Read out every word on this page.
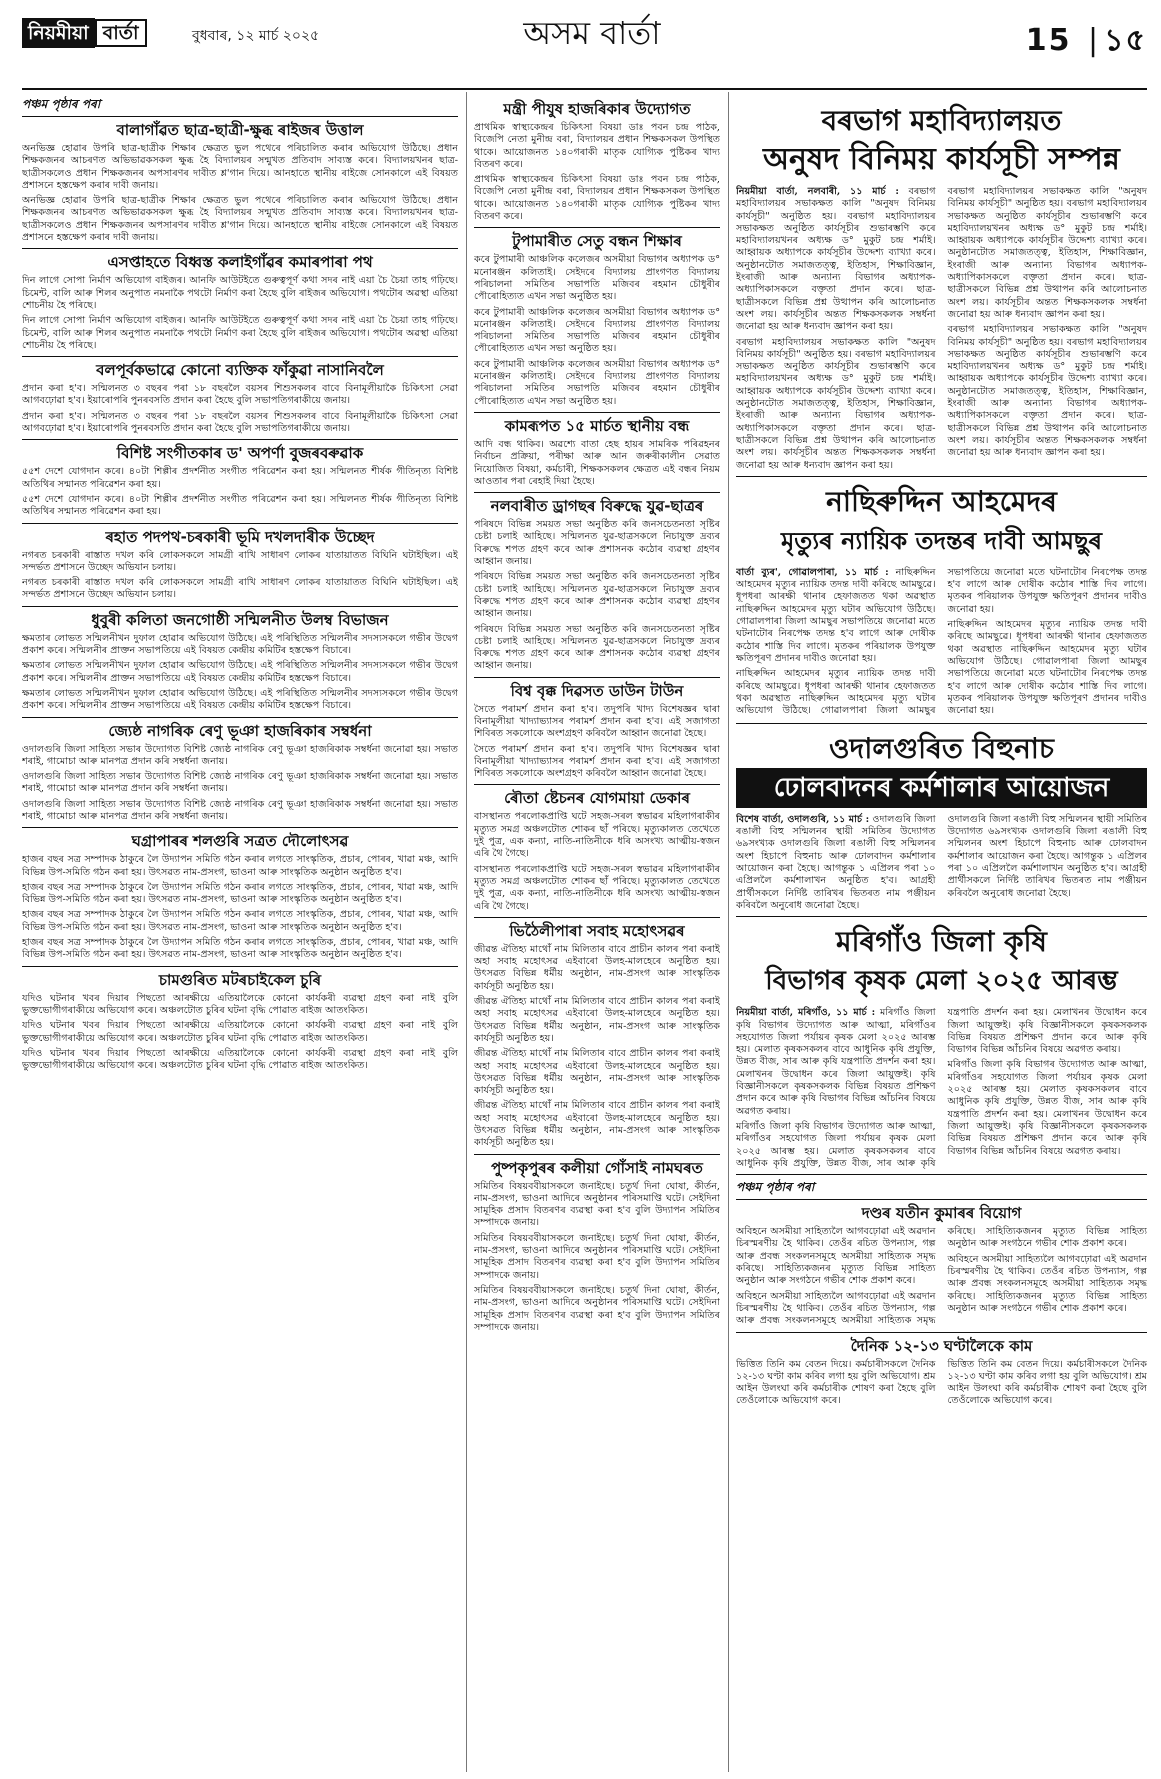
নিয়মীয়া বাৰ্তা	বুধবাৰ, ১২ মাৰ্চ ২০২৫	অসম বাৰ্তা	15 | ১৫
পঞ্চম পৃষ্ঠাৰ পৰা
বালাগাঁৱত ছাত্ৰ-ছাত্ৰী-ক্ষুব্ধ ৰাইজৰ উত্তাল

অনভিজ্ঞ হোৱাৰ উপৰি ছাত্ৰ-ছাত্ৰীক শিক্ষাৰ ক্ষেত্ৰত ভুল পথেৰে পৰিচালিত কৰাৰ অভিযোগ উঠিছে। প্ৰধান শিক্ষকজনৰ আচৰণত অভিভাৱকসকল ক্ষুব্ধ হৈ বিদ্যালয়ৰ সন্মুখত প্ৰতিবাদ সাব্যস্ত কৰে। বিদ্যালয়খনৰ ছাত্ৰ-ছাত্ৰীসকলেও প্ৰধান শিক্ষকজনৰ অপসাৰণৰ দাবীত শ্ল'গান দিয়ে। আনহাতে স্থানীয় ৰাইজে সোনকালে এই বিষয়ত প্ৰশাসনে হস্তক্ষেপ কৰাৰ দাবী জনায়।

অনভিজ্ঞ হোৱাৰ উপৰি ছাত্ৰ-ছাত্ৰীক শিক্ষাৰ ক্ষেত্ৰত ভুল পথেৰে পৰিচালিত কৰাৰ অভিযোগ উঠিছে। প্ৰধান শিক্ষকজনৰ আচৰণত অভিভাৱকসকল ক্ষুব্ধ হৈ বিদ্যালয়ৰ সন্মুখত প্ৰতিবাদ সাব্যস্ত কৰে। বিদ্যালয়খনৰ ছাত্ৰ-ছাত্ৰীসকলেও প্ৰধান শিক্ষকজনৰ অপসাৰণৰ দাবীত শ্ল'গান দিয়ে। আনহাতে স্থানীয় ৰাইজে সোনকালে এই বিষয়ত প্ৰশাসনে হস্তক্ষেপ কৰাৰ দাবী জনায়।

এসপ্তাহতে বিধ্বস্ত কলাইগাঁৱৰ কমাৰপাৰা পথ

দিন লাগে সোপা নিৰ্মাণ অভিযোগ বাইজৰ। আনফি আউটইতে গুৰুত্বপূৰ্ণ কথা সদৰ নাই এয়া চৈ চৈয়া তাহ গঢ়িছে। চিমেন্ট, বালি আৰু শিলৰ অনুপাত নমনাকৈ পথটো নিৰ্মাণ কৰা হৈছে বুলি ৰাইজৰ অভিযোগ। পথটোৰ অৱস্থা এতিয়া শোচনীয় হৈ পৰিছে।

দিন লাগে সোপা নিৰ্মাণ অভিযোগ বাইজৰ। আনফি আউটইতে গুৰুত্বপূৰ্ণ কথা সদৰ নাই এয়া চৈ চৈয়া তাহ গঢ়িছে। চিমেন্ট, বালি আৰু শিলৰ অনুপাত নমনাকৈ পথটো নিৰ্মাণ কৰা হৈছে বুলি ৰাইজৰ অভিযোগ। পথটোৰ অৱস্থা এতিয়া শোচনীয় হৈ পৰিছে।

বলপূৰ্বকভাৱে কোনো ব্যক্তিক ফাঁকুৱা নাসানিবলৈ

প্ৰদান কৰা হ'ব। সন্মিলনত ৩ বছৰৰ পৰা ১৮ বছৰলৈ বয়সৰ শিশুসকলৰ বাবে বিনামূলীয়াকৈ চিকিৎসা সেৱা আগবঢ়োৱা হ'ব। ইয়াৰোপৰি পুনৰবসতি প্ৰদান কৰা হৈছে বুলি সভাপতিগৰাকীয়ে জনায়।

প্ৰদান কৰা হ'ব। সন্মিলনত ৩ বছৰৰ পৰা ১৮ বছৰলৈ বয়সৰ শিশুসকলৰ বাবে বিনামূলীয়াকৈ চিকিৎসা সেৱা আগবঢ়োৱা হ'ব। ইয়াৰোপৰি পুনৰবসতি প্ৰদান কৰা হৈছে বুলি সভাপতিগৰাকীয়ে জনায়।

বিশিষ্ট সংগীতকাৰ ড' অপৰ্ণা বুজৰবৰুৱাক

৫৫শ দেশে যোগদান কৰে। ৪০টা শিল্পীৰ প্ৰদৰ্শনীত সংগীত পৰিৱেশন কৰা হয়। সন্মিলনত শীৰ্ষক গীতিনৃত্য বিশিষ্ট অতিথিৰ সন্মানত পৰিৱেশন কৰা হয়।

৫৫শ দেশে যোগদান কৰে। ৪০টা শিল্পীৰ প্ৰদৰ্শনীত সংগীত পৰিৱেশন কৰা হয়। সন্মিলনত শীৰ্ষক গীতিনৃত্য বিশিষ্ট অতিথিৰ সন্মানত পৰিৱেশন কৰা হয়।

ৰহাত পদপথ-চৰকাৰী ভূমি দখলদাৰীক উচ্ছেদ

নগৰত চৰকাৰী ৰাস্তাত দখল কৰি লোকসকলে সামগ্ৰী ৰাখি সাধাৰণ লোকৰ যাতায়াতত বিঘিনি ঘটাইছিল। এই সন্দৰ্ভত প্ৰশাসনে উচ্ছেদ অভিযান চলায়।

নগৰত চৰকাৰী ৰাস্তাত দখল কৰি লোকসকলে সামগ্ৰী ৰাখি সাধাৰণ লোকৰ যাতায়াতত বিঘিনি ঘটাইছিল। এই সন্দৰ্ভত প্ৰশাসনে উচ্ছেদ অভিযান চলায়।

ধুবুৰী কলিতা জনগোষ্ঠী সন্মিলনীত উলম্ব বিভাজন

ক্ষমতাৰ লোভত সন্মিলনীখন দুফাল হোৱাৰ অভিযোগ উঠিছে। এই পৰিস্থিতিত সন্মিলনীৰ সদস্যসকলে গভীৰ উদ্বেগ প্ৰকাশ কৰে। সন্মিলনীৰ প্ৰাক্তন সভাপতিয়ে এই বিষয়ত কেন্দ্ৰীয় কমিটিৰ হস্তক্ষেপ বিচাৰে।

ক্ষমতাৰ লোভত সন্মিলনীখন দুফাল হোৱাৰ অভিযোগ উঠিছে। এই পৰিস্থিতিত সন্মিলনীৰ সদস্যসকলে গভীৰ উদ্বেগ প্ৰকাশ কৰে। সন্মিলনীৰ প্ৰাক্তন সভাপতিয়ে এই বিষয়ত কেন্দ্ৰীয় কমিটিৰ হস্তক্ষেপ বিচাৰে।

ক্ষমতাৰ লোভত সন্মিলনীখন দুফাল হোৱাৰ অভিযোগ উঠিছে। এই পৰিস্থিতিত সন্মিলনীৰ সদস্যসকলে গভীৰ উদ্বেগ প্ৰকাশ কৰে। সন্মিলনীৰ প্ৰাক্তন সভাপতিয়ে এই বিষয়ত কেন্দ্ৰীয় কমিটিৰ হস্তক্ষেপ বিচাৰে।

জ্যেষ্ঠ নাগৰিক ৰেণু ভূঞা হাজৰিকাৰ সম্বৰ্ধনা

ওদালগুৰি জিলা সাহিত্য সভাৰ উদ্যোগত বিশিষ্ট জ্যেষ্ঠ নাগৰিক ৰেণু ভূঞা হাজৰিকাক সম্বৰ্ধনা জনোৱা হয়। সভাত শৰাই, গামোচা আৰু মানপত্ৰ প্ৰদান কৰি সম্বৰ্ধনা জনায়।

ওদালগুৰি জিলা সাহিত্য সভাৰ উদ্যোগত বিশিষ্ট জ্যেষ্ঠ নাগৰিক ৰেণু ভূঞা হাজৰিকাক সম্বৰ্ধনা জনোৱা হয়। সভাত শৰাই, গামোচা আৰু মানপত্ৰ প্ৰদান কৰি সম্বৰ্ধনা জনায়।

ওদালগুৰি জিলা সাহিত্য সভাৰ উদ্যোগত বিশিষ্ট জ্যেষ্ঠ নাগৰিক ৰেণু ভূঞা হাজৰিকাক সম্বৰ্ধনা জনোৱা হয়। সভাত শৰাই, গামোচা আৰু মানপত্ৰ প্ৰদান কৰি সম্বৰ্ধনা জনায়।

ঘগ্ৰাপাৰৰ শলগুৰি সত্ৰত দৌলোৎসৱ

হাজৰ বছৰ সত্ৰ সম্পাদক ঠাকুৰে লৈ উদ্যাপন সমিতি গঠন কৰাৰ লগতে সাংস্কৃতিক, প্ৰচাৰ, পোৰৰ, খাৱা মঞ্চ, আদি বিভিন্ন উপ-সমিতি গঠন কৰা হয়। উৎসৱত নাম-প্ৰসংগ, ভাওনা আৰু সাংস্কৃতিক অনুষ্ঠান অনুষ্ঠিত হ'ব।

হাজৰ বছৰ সত্ৰ সম্পাদক ঠাকুৰে লৈ উদ্যাপন সমিতি গঠন কৰাৰ লগতে সাংস্কৃতিক, প্ৰচাৰ, পোৰৰ, খাৱা মঞ্চ, আদি বিভিন্ন উপ-সমিতি গঠন কৰা হয়। উৎসৱত নাম-প্ৰসংগ, ভাওনা আৰু সাংস্কৃতিক অনুষ্ঠান অনুষ্ঠিত হ'ব।

হাজৰ বছৰ সত্ৰ সম্পাদক ঠাকুৰে লৈ উদ্যাপন সমিতি গঠন কৰাৰ লগতে সাংস্কৃতিক, প্ৰচাৰ, পোৰৰ, খাৱা মঞ্চ, আদি বিভিন্ন উপ-সমিতি গঠন কৰা হয়। উৎসৱত নাম-প্ৰসংগ, ভাওনা আৰু সাংস্কৃতিক অনুষ্ঠান অনুষ্ঠিত হ'ব।

হাজৰ বছৰ সত্ৰ সম্পাদক ঠাকুৰে লৈ উদ্যাপন সমিতি গঠন কৰাৰ লগতে সাংস্কৃতিক, প্ৰচাৰ, পোৰৰ, খাৱা মঞ্চ, আদি বিভিন্ন উপ-সমিতি গঠন কৰা হয়। উৎসৱত নাম-প্ৰসংগ, ভাওনা আৰু সাংস্কৃতিক অনুষ্ঠান অনুষ্ঠিত হ'ব।

চামগুৰিত মটৰচাইকেল চুৰি

যদিও ঘটনাৰ খবৰ দিয়াৰ পিছতো আৰক্ষীয়ে এতিয়ালৈকে কোনো কাৰ্যকৰী ব্যৱস্থা গ্ৰহণ কৰা নাই বুলি ভুক্তভোগীগৰাকীয়ে অভিযোগ কৰে। অঞ্চলটোত চুৰিৰ ঘটনা বৃদ্ধি পোৱাত ৰাইজ আতংকিত।

যদিও ঘটনাৰ খবৰ দিয়াৰ পিছতো আৰক্ষীয়ে এতিয়ালৈকে কোনো কাৰ্যকৰী ব্যৱস্থা গ্ৰহণ কৰা নাই বুলি ভুক্তভোগীগৰাকীয়ে অভিযোগ কৰে। অঞ্চলটোত চুৰিৰ ঘটনা বৃদ্ধি পোৱাত ৰাইজ আতংকিত।

যদিও ঘটনাৰ খবৰ দিয়াৰ পিছতো আৰক্ষীয়ে এতিয়ালৈকে কোনো কাৰ্যকৰী ব্যৱস্থা গ্ৰহণ কৰা নাই বুলি ভুক্তভোগীগৰাকীয়ে অভিযোগ কৰে। অঞ্চলটোত চুৰিৰ ঘটনা বৃদ্ধি পোৱাত ৰাইজ আতংকিত।

মন্ত্ৰী পীযুষ হাজৰিকাৰ উদ্যোগত

প্ৰাথমিক স্বাস্থ্যকেন্দ্ৰৰ চিকিৎসা বিষয়া ডাঃ পবন চন্দ্ৰ পাঠক, বিজেপি নেতা মুনীন্দ্ৰ বৰা, বিদ্যালয়ৰ প্ৰধান শিক্ষকসকল উপস্থিত থাকে। আয়োজনত ১৪০গৰাকী মাতৃক যোগ্যিক পুষ্টিকৰ খাদ্য বিতৰণ কৰে।

প্ৰাথমিক স্বাস্থ্যকেন্দ্ৰৰ চিকিৎসা বিষয়া ডাঃ পবন চন্দ্ৰ পাঠক, বিজেপি নেতা মুনীন্দ্ৰ বৰা, বিদ্যালয়ৰ প্ৰধান শিক্ষকসকল উপস্থিত থাকে। আয়োজনত ১৪০গৰাকী মাতৃক যোগ্যিক পুষ্টিকৰ খাদ্য বিতৰণ কৰে।

টুপামাৰীত সেতু বন্ধন শিক্ষাৰ

কৰে টুপামাৰী আঞ্চলিক কলেজৰ অসমীয়া বিভাগৰ অধ্যাপক ড° মনোৰঞ্জন কলিতাই। সেইদৰে বিদ্যালয় প্ৰাংগণত বিদ্যালয় পৰিচালনা সমিতিৰ সভাপতি মজিবৰ ৰহমান চৌধুৰীৰ পৌৰোহিত্যত এখন সভা অনুষ্ঠিত হয়।

কৰে টুপামাৰী আঞ্চলিক কলেজৰ অসমীয়া বিভাগৰ অধ্যাপক ড° মনোৰঞ্জন কলিতাই। সেইদৰে বিদ্যালয় প্ৰাংগণত বিদ্যালয় পৰিচালনা সমিতিৰ সভাপতি মজিবৰ ৰহমান চৌধুৰীৰ পৌৰোহিত্যত এখন সভা অনুষ্ঠিত হয়।

কৰে টুপামাৰী আঞ্চলিক কলেজৰ অসমীয়া বিভাগৰ অধ্যাপক ড° মনোৰঞ্জন কলিতাই। সেইদৰে বিদ্যালয় প্ৰাংগণত বিদ্যালয় পৰিচালনা সমিতিৰ সভাপতি মজিবৰ ৰহমান চৌধুৰীৰ পৌৰোহিত্যত এখন সভা অনুষ্ঠিত হয়।

কামৰূপত ১৫ মাৰ্চত স্থানীয় বন্ধ

আদি বন্ধ থাকিব। অৱশ্যে বাতা হেছ হায়ৰ সামৰিক পৰিৱহনৰ নিৰ্বাচন প্ৰক্ৰিয়া, পৰীক্ষা আৰু আন জৰুৰীকালীন সেৱাত নিয়োজিত বিষয়া, কৰ্মচাৰী, শিক্ষকসকলৰ ক্ষেত্ৰত এই বন্ধৰ নিয়ম আওতাৰ পৰা ৰেহাই দিয়া হৈছে।

নলবাৰীত ড্ৰাগছৰ বিৰুদ্ধে যুৱ-ছাত্ৰৰ

পৰিষদে বিভিন্ন সময়ত সভা অনুষ্ঠিত কৰি জনসচেতনতা সৃষ্টিৰ চেষ্টা চলাই আহিছে। সন্মিলনত যুৱ-ছাত্ৰসকলে নিচাযুক্ত দ্ৰব্যৰ বিৰুদ্ধে শপত গ্ৰহণ কৰে আৰু প্ৰশাসনক কঠোৰ ব্যৱস্থা গ্ৰহণৰ আহ্বান জনায়।

পৰিষদে বিভিন্ন সময়ত সভা অনুষ্ঠিত কৰি জনসচেতনতা সৃষ্টিৰ চেষ্টা চলাই আহিছে। সন্মিলনত যুৱ-ছাত্ৰসকলে নিচাযুক্ত দ্ৰব্যৰ বিৰুদ্ধে শপত গ্ৰহণ কৰে আৰু প্ৰশাসনক কঠোৰ ব্যৱস্থা গ্ৰহণৰ আহ্বান জনায়।

পৰিষদে বিভিন্ন সময়ত সভা অনুষ্ঠিত কৰি জনসচেতনতা সৃষ্টিৰ চেষ্টা চলাই আহিছে। সন্মিলনত যুৱ-ছাত্ৰসকলে নিচাযুক্ত দ্ৰব্যৰ বিৰুদ্ধে শপত গ্ৰহণ কৰে আৰু প্ৰশাসনক কঠোৰ ব্যৱস্থা গ্ৰহণৰ আহ্বান জনায়।

বিশ্ব বৃক্ক দিৱসত ডাউন টাউন

সৈতে পৰামৰ্শ প্ৰদান কৰা হ'ব। তদুপৰি খাদ্য বিশেষজ্ঞৰ দ্বাৰা বিনামূলীয়া খাদ্যাভ্যাসৰ পৰামৰ্শ প্ৰদান কৰা হ'ব। এই সজাগতা শিবিৰত সকলোকে অংশগ্ৰহণ কৰিবলৈ আহ্বান জনোৱা হৈছে।

সৈতে পৰামৰ্শ প্ৰদান কৰা হ'ব। তদুপৰি খাদ্য বিশেষজ্ঞৰ দ্বাৰা বিনামূলীয়া খাদ্যাভ্যাসৰ পৰামৰ্শ প্ৰদান কৰা হ'ব। এই সজাগতা শিবিৰত সকলোকে অংশগ্ৰহণ কৰিবলৈ আহ্বান জনোৱা হৈছে।

ৰৌতা ষ্টেচনৰ যোগমায়া ডেকাৰ

বাসস্থানত পৰলোকপ্ৰাপ্তি ঘটে সহজ-সৰল স্বভাৱৰ মহিলাগৰাকীৰ মৃত্যুত সমগ্ৰ অঞ্চলটোত শোকৰ ছাঁ পৰিছে। মৃত্যুকালত তেখেতে দুই পুত্ৰ, এক কন্যা, নাতি-নাতিনীকে ধৰি অসংখ্য আত্মীয়-স্বজন এৰি থৈ গৈছে।

বাসস্থানত পৰলোকপ্ৰাপ্তি ঘটে সহজ-সৰল স্বভাৱৰ মহিলাগৰাকীৰ মৃত্যুত সমগ্ৰ অঞ্চলটোত শোকৰ ছাঁ পৰিছে। মৃত্যুকালত তেখেতে দুই পুত্ৰ, এক কন্যা, নাতি-নাতিনীকে ধৰি অসংখ্য আত্মীয়-স্বজন এৰি থৈ গৈছে।

ভিঠৈলীপাৰা সবাহ মহোৎসৱৰ

জীৱন্ত ঐতিহ্য মাথোঁ নাম মিলিতাৰ বাবে প্ৰাচীন কালৰ পৰা কৰাই অহা সবাহ মহোৎসৱ এইবাৰো উলহ-মালহেৰে অনুষ্ঠিত হয়। উৎসৱত বিভিন্ন ধৰ্মীয় অনুষ্ঠান, নাম-প্ৰসংগ আৰু সাংস্কৃতিক কাৰ্যসূচী অনুষ্ঠিত হয়।

জীৱন্ত ঐতিহ্য মাথোঁ নাম মিলিতাৰ বাবে প্ৰাচীন কালৰ পৰা কৰাই অহা সবাহ মহোৎসৱ এইবাৰো উলহ-মালহেৰে অনুষ্ঠিত হয়। উৎসৱত বিভিন্ন ধৰ্মীয় অনুষ্ঠান, নাম-প্ৰসংগ আৰু সাংস্কৃতিক কাৰ্যসূচী অনুষ্ঠিত হয়।

জীৱন্ত ঐতিহ্য মাথোঁ নাম মিলিতাৰ বাবে প্ৰাচীন কালৰ পৰা কৰাই অহা সবাহ মহোৎসৱ এইবাৰো উলহ-মালহেৰে অনুষ্ঠিত হয়। উৎসৱত বিভিন্ন ধৰ্মীয় অনুষ্ঠান, নাম-প্ৰসংগ আৰু সাংস্কৃতিক কাৰ্যসূচী অনুষ্ঠিত হয়।

জীৱন্ত ঐতিহ্য মাথোঁ নাম মিলিতাৰ বাবে প্ৰাচীন কালৰ পৰা কৰাই অহা সবাহ মহোৎসৱ এইবাৰো উলহ-মালহেৰে অনুষ্ঠিত হয়। উৎসৱত বিভিন্ন ধৰ্মীয় অনুষ্ঠান, নাম-প্ৰসংগ আৰু সাংস্কৃতিক কাৰ্যসূচী অনুষ্ঠিত হয়।

পুষ্পকৃপুৰৰ কলীয়া গোঁসাই নামঘৰত

সমিতিৰ বিষয়ববীয়াসকলে জনাইছে। চতুৰ্থ দিনা ঘোষা, কীৰ্তন, নাম-প্ৰসংগ, ভাওনা আদিৰে অনুষ্ঠানৰ পৰিসমাপ্তি ঘটে। সেইদিনা সামূহিক প্ৰসাদ বিতৰণৰ ব্যৱস্থা কৰা হ'ব বুলি উদ্যাপন সমিতিৰ সম্পাদকে জনায়।

সমিতিৰ বিষয়ববীয়াসকলে জনাইছে। চতুৰ্থ দিনা ঘোষা, কীৰ্তন, নাম-প্ৰসংগ, ভাওনা আদিৰে অনুষ্ঠানৰ পৰিসমাপ্তি ঘটে। সেইদিনা সামূহিক প্ৰসাদ বিতৰণৰ ব্যৱস্থা কৰা হ'ব বুলি উদ্যাপন সমিতিৰ সম্পাদকে জনায়।

সমিতিৰ বিষয়ববীয়াসকলে জনাইছে। চতুৰ্থ দিনা ঘোষা, কীৰ্তন, নাম-প্ৰসংগ, ভাওনা আদিৰে অনুষ্ঠানৰ পৰিসমাপ্তি ঘটে। সেইদিনা সামূহিক প্ৰসাদ বিতৰণৰ ব্যৱস্থা কৰা হ'ব বুলি উদ্যাপন সমিতিৰ সম্পাদকে জনায়।

বৰভাগ মহাবিদ্যালয়ত
অনুষদ বিনিময় কাৰ্যসূচী সম্পন্ন

নিয়মীয়া বাৰ্তা, নলবাৰী, ১১ মাৰ্চ : বৰভাগ মহাবিদ্যালয়ৰ সভাকক্ষত কালি "অনুষদ বিনিময় কাৰ্যসূচী" অনুষ্ঠিত হয়। বৰভাগ মহাবিদ্যালয়ৰ সভাকক্ষত অনুষ্ঠিত কাৰ্যসূচীৰ শুভাৰম্ভণি কৰে মহাবিদ্যালয়খনৰ অধ্যক্ষ ড° মুকুট চন্দ্ৰ শৰ্মাই। আহ্বায়ক অধ্যাপকে কাৰ্যসূচীৰ উদ্দেশ্য ব্যাখ্যা কৰে। অনুষ্ঠানটোত সমাজতত্ত্ব, ইতিহাস, শিক্ষাবিজ্ঞান, ইংৰাজী আৰু অন্যান্য বিভাগৰ অধ্যাপক-অধ্যাপিকাসকলে বক্তৃতা প্ৰদান কৰে। ছাত্ৰ-ছাত্ৰীসকলে বিভিন্ন প্ৰশ্ন উত্থাপন কৰি আলোচনাত অংশ লয়। কাৰ্যসূচীৰ অন্তত শিক্ষকসকলক সম্বৰ্ধনা জনোৱা হয় আৰু ধন্যবাদ জ্ঞাপন কৰা হয়।

বৰভাগ মহাবিদ্যালয়ৰ সভাকক্ষত কালি "অনুষদ বিনিময় কাৰ্যসূচী" অনুষ্ঠিত হয়। বৰভাগ মহাবিদ্যালয়ৰ সভাকক্ষত অনুষ্ঠিত কাৰ্যসূচীৰ শুভাৰম্ভণি কৰে মহাবিদ্যালয়খনৰ অধ্যক্ষ ড° মুকুট চন্দ্ৰ শৰ্মাই। আহ্বায়ক অধ্যাপকে কাৰ্যসূচীৰ উদ্দেশ্য ব্যাখ্যা কৰে। অনুষ্ঠানটোত সমাজতত্ত্ব, ইতিহাস, শিক্ষাবিজ্ঞান, ইংৰাজী আৰু অন্যান্য বিভাগৰ অধ্যাপক-অধ্যাপিকাসকলে বক্তৃতা প্ৰদান কৰে। ছাত্ৰ-ছাত্ৰীসকলে বিভিন্ন প্ৰশ্ন উত্থাপন কৰি আলোচনাত অংশ লয়। কাৰ্যসূচীৰ অন্তত শিক্ষকসকলক সম্বৰ্ধনা জনোৱা হয় আৰু ধন্যবাদ জ্ঞাপন কৰা হয়।

বৰভাগ মহাবিদ্যালয়ৰ সভাকক্ষত কালি "অনুষদ বিনিময় কাৰ্যসূচী" অনুষ্ঠিত হয়। বৰভাগ মহাবিদ্যালয়ৰ সভাকক্ষত অনুষ্ঠিত কাৰ্যসূচীৰ শুভাৰম্ভণি কৰে মহাবিদ্যালয়খনৰ অধ্যক্ষ ড° মুকুট চন্দ্ৰ শৰ্মাই। আহ্বায়ক অধ্যাপকে কাৰ্যসূচীৰ উদ্দেশ্য ব্যাখ্যা কৰে। অনুষ্ঠানটোত সমাজতত্ত্ব, ইতিহাস, শিক্ষাবিজ্ঞান, ইংৰাজী আৰু অন্যান্য বিভাগৰ অধ্যাপক-অধ্যাপিকাসকলে বক্তৃতা প্ৰদান কৰে। ছাত্ৰ-ছাত্ৰীসকলে বিভিন্ন প্ৰশ্ন উত্থাপন কৰি আলোচনাত অংশ লয়। কাৰ্যসূচীৰ অন্তত শিক্ষকসকলক সম্বৰ্ধনা জনোৱা হয় আৰু ধন্যবাদ জ্ঞাপন কৰা হয়।

বৰভাগ মহাবিদ্যালয়ৰ সভাকক্ষত কালি "অনুষদ বিনিময় কাৰ্যসূচী" অনুষ্ঠিত হয়। বৰভাগ মহাবিদ্যালয়ৰ সভাকক্ষত অনুষ্ঠিত কাৰ্যসূচীৰ শুভাৰম্ভণি কৰে মহাবিদ্যালয়খনৰ অধ্যক্ষ ড° মুকুট চন্দ্ৰ শৰ্মাই। আহ্বায়ক অধ্যাপকে কাৰ্যসূচীৰ উদ্দেশ্য ব্যাখ্যা কৰে। অনুষ্ঠানটোত সমাজতত্ত্ব, ইতিহাস, শিক্ষাবিজ্ঞান, ইংৰাজী আৰু অন্যান্য বিভাগৰ অধ্যাপক-অধ্যাপিকাসকলে বক্তৃতা প্ৰদান কৰে। ছাত্ৰ-ছাত্ৰীসকলে বিভিন্ন প্ৰশ্ন উত্থাপন কৰি আলোচনাত অংশ লয়। কাৰ্যসূচীৰ অন্তত শিক্ষকসকলক সম্বৰ্ধনা জনোৱা হয় আৰু ধন্যবাদ জ্ঞাপন কৰা হয়।

নাছিৰুদ্দিন আহমেদৰ
মৃত্যুৰ ন্যায়িক তদন্তৰ দাবী আমছুৰ

বাৰ্তা ব্যুৰ', গোৱালপাৰা, ১১ মাৰ্চ : নাছিৰুদ্দিন আহমেদৰ মৃত্যুৰ ন্যায়িক তদন্ত দাবী কৰিছে আমছুৱে। ধূপধৰা আৰক্ষী থানাৰ হেফাজতত থকা অৱস্থাত নাছিৰুদ্দিন আহমেদৰ মৃত্যু ঘটাৰ অভিযোগ উঠিছে। গোৱালপাৰা জিলা আমছুৰ সভাপতিয়ে জনোৱা মতে ঘটনাটোৰ নিৰপেক্ষ তদন্ত হ'ব লাগে আৰু দোষীক কঠোৰ শাস্তি দিব লাগে। মৃতকৰ পৰিয়ালক উপযুক্ত ক্ষতিপূৰণ প্ৰদানৰ দাবীও জনোৱা হয়।

নাছিৰুদ্দিন আহমেদৰ মৃত্যুৰ ন্যায়িক তদন্ত দাবী কৰিছে আমছুৱে। ধূপধৰা আৰক্ষী থানাৰ হেফাজতত থকা অৱস্থাত নাছিৰুদ্দিন আহমেদৰ মৃত্যু ঘটাৰ অভিযোগ উঠিছে। গোৱালপাৰা জিলা আমছুৰ সভাপতিয়ে জনোৱা মতে ঘটনাটোৰ নিৰপেক্ষ তদন্ত হ'ব লাগে আৰু দোষীক কঠোৰ শাস্তি দিব লাগে। মৃতকৰ পৰিয়ালক উপযুক্ত ক্ষতিপূৰণ প্ৰদানৰ দাবীও জনোৱা হয়।

নাছিৰুদ্দিন আহমেদৰ মৃত্যুৰ ন্যায়িক তদন্ত দাবী কৰিছে আমছুৱে। ধূপধৰা আৰক্ষী থানাৰ হেফাজতত থকা অৱস্থাত নাছিৰুদ্দিন আহমেদৰ মৃত্যু ঘটাৰ অভিযোগ উঠিছে। গোৱালপাৰা জিলা আমছুৰ সভাপতিয়ে জনোৱা মতে ঘটনাটোৰ নিৰপেক্ষ তদন্ত হ'ব লাগে আৰু দোষীক কঠোৰ শাস্তি দিব লাগে। মৃতকৰ পৰিয়ালক উপযুক্ত ক্ষতিপূৰণ প্ৰদানৰ দাবীও জনোৱা হয়।

ওদালগুৰিত বিহুনাচ
ঢোলবাদনৰ কৰ্মশালাৰ আয়োজন

বিশেষ বাৰ্তা, ওদালগুৰি, ১১ মাৰ্চ : ওদালগুৰি জিলা ৰঙালী বিহু সন্মিলনৰ স্থায়ী সমিতিৰ উদ্যোগত ৬৯সংখ্যক ওদালগুৰি জিলা ৰঙালী বিহু সন্মিলনৰ অংশ হিচাপে বিহুনাচ আৰু ঢোলবাদন কৰ্মশালাৰ আয়োজন কৰা হৈছে। আগন্তুক ১ এপ্ৰিলৰ পৰা ১০ এপ্ৰিললৈ কৰ্মশালাখন অনুষ্ঠিত হ'ব। আগ্ৰহী প্ৰাৰ্থীসকলে নিৰ্দিষ্ট তাৰিখৰ ভিতৰত নাম পঞ্জীয়ন কৰিবলৈ অনুৰোধ জনোৱা হৈছে।

ওদালগুৰি জিলা ৰঙালী বিহু সন্মিলনৰ স্থায়ী সমিতিৰ উদ্যোগত ৬৯সংখ্যক ওদালগুৰি জিলা ৰঙালী বিহু সন্মিলনৰ অংশ হিচাপে বিহুনাচ আৰু ঢোলবাদন কৰ্মশালাৰ আয়োজন কৰা হৈছে। আগন্তুক ১ এপ্ৰিলৰ পৰা ১০ এপ্ৰিললৈ কৰ্মশালাখন অনুষ্ঠিত হ'ব। আগ্ৰহী প্ৰাৰ্থীসকলে নিৰ্দিষ্ট তাৰিখৰ ভিতৰত নাম পঞ্জীয়ন কৰিবলৈ অনুৰোধ জনোৱা হৈছে।

মৰিগাঁও জিলা কৃষি
বিভাগৰ কৃষক মেলা ২০২৫ আৰম্ভ

নিয়মীয়া বাৰ্তা, মৰিগাঁও, ১১ মাৰ্চ : মৰিগাঁও জিলা কৃষি বিভাগৰ উদ্যোগত আৰু আত্মা, মৰিগাঁওৰ সহযোগত জিলা পৰ্যায়ৰ কৃষক মেলা ২০২৫ আৰম্ভ হয়। মেলাত কৃষকসকলৰ বাবে আধুনিক কৃষি প্ৰযুক্তি, উন্নত বীজ, সাৰ আৰু কৃষি যন্ত্ৰপাতি প্ৰদৰ্শন কৰা হয়। মেলাখনৰ উদ্বোধন কৰে জিলা আয়ুক্তই। কৃষি বিজ্ঞানীসকলে কৃষকসকলক বিভিন্ন বিষয়ত প্ৰশিক্ষণ প্ৰদান কৰে আৰু কৃষি বিভাগৰ বিভিন্ন আঁচনিৰ বিষয়ে অৱগত কৰায়।

মৰিগাঁও জিলা কৃষি বিভাগৰ উদ্যোগত আৰু আত্মা, মৰিগাঁওৰ সহযোগত জিলা পৰ্যায়ৰ কৃষক মেলা ২০২৫ আৰম্ভ হয়। মেলাত কৃষকসকলৰ বাবে আধুনিক কৃষি প্ৰযুক্তি, উন্নত বীজ, সাৰ আৰু কৃষি যন্ত্ৰপাতি প্ৰদৰ্শন কৰা হয়। মেলাখনৰ উদ্বোধন কৰে জিলা আয়ুক্তই। কৃষি বিজ্ঞানীসকলে কৃষকসকলক বিভিন্ন বিষয়ত প্ৰশিক্ষণ প্ৰদান কৰে আৰু কৃষি বিভাগৰ বিভিন্ন আঁচনিৰ বিষয়ে অৱগত কৰায়।

মৰিগাঁও জিলা কৃষি বিভাগৰ উদ্যোগত আৰু আত্মা, মৰিগাঁওৰ সহযোগত জিলা পৰ্যায়ৰ কৃষক মেলা ২০২৫ আৰম্ভ হয়। মেলাত কৃষকসকলৰ বাবে আধুনিক কৃষি প্ৰযুক্তি, উন্নত বীজ, সাৰ আৰু কৃষি যন্ত্ৰপাতি প্ৰদৰ্শন কৰা হয়। মেলাখনৰ উদ্বোধন কৰে জিলা আয়ুক্তই। কৃষি বিজ্ঞানীসকলে কৃষকসকলক বিভিন্ন বিষয়ত প্ৰশিক্ষণ প্ৰদান কৰে আৰু কৃষি বিভাগৰ বিভিন্ন আঁচনিৰ বিষয়ে অৱগত কৰায়।

পঞ্চম পৃষ্ঠাৰ পৰা
দণ্ডৰ যতীন কুমাৰৰ বিয়োগ

অবিহনে অসমীয়া সাহিত্যলৈ আগবঢ়োৱা এই অৱদান চিৰস্মৰণীয় হৈ থাকিব। তেওঁৰ ৰচিত উপন্যাস, গল্প আৰু প্ৰবন্ধ সংকলনসমূহে অসমীয়া সাহিত্যক সমৃদ্ধ কৰিছে। সাহিত্যিকজনৰ মৃত্যুত বিভিন্ন সাহিত্য অনুষ্ঠান আৰু সংগঠনে গভীৰ শোক প্ৰকাশ কৰে।

অবিহনে অসমীয়া সাহিত্যলৈ আগবঢ়োৱা এই অৱদান চিৰস্মৰণীয় হৈ থাকিব। তেওঁৰ ৰচিত উপন্যাস, গল্প আৰু প্ৰবন্ধ সংকলনসমূহে অসমীয়া সাহিত্যক সমৃদ্ধ কৰিছে। সাহিত্যিকজনৰ মৃত্যুত বিভিন্ন সাহিত্য অনুষ্ঠান আৰু সংগঠনে গভীৰ শোক প্ৰকাশ কৰে।

অবিহনে অসমীয়া সাহিত্যলৈ আগবঢ়োৱা এই অৱদান চিৰস্মৰণীয় হৈ থাকিব। তেওঁৰ ৰচিত উপন্যাস, গল্প আৰু প্ৰবন্ধ সংকলনসমূহে অসমীয়া সাহিত্যক সমৃদ্ধ কৰিছে। সাহিত্যিকজনৰ মৃত্যুত বিভিন্ন সাহিত্য অনুষ্ঠান আৰু সংগঠনে গভীৰ শোক প্ৰকাশ কৰে।

দৈনিক ১২-১৩ ঘণ্টালৈকে কাম

ভিত্তিত তিনি কম বেতন দিয়ে। কৰ্মচাৰীসকলে দৈনিক ১২-১৩ ঘণ্টা কাম কৰিব লগা হয় বুলি অভিযোগ। শ্ৰম আইন উলংঘা কৰি কৰ্মচাৰীক শোষণ কৰা হৈছে বুলি তেওঁলোকে অভিযোগ কৰে।

ভিত্তিত তিনি কম বেতন দিয়ে। কৰ্মচাৰীসকলে দৈনিক ১২-১৩ ঘণ্টা কাম কৰিব লগা হয় বুলি অভিযোগ। শ্ৰম আইন উলংঘা কৰি কৰ্মচাৰীক শোষণ কৰা হৈছে বুলি তেওঁলোকে অভিযোগ কৰে।
